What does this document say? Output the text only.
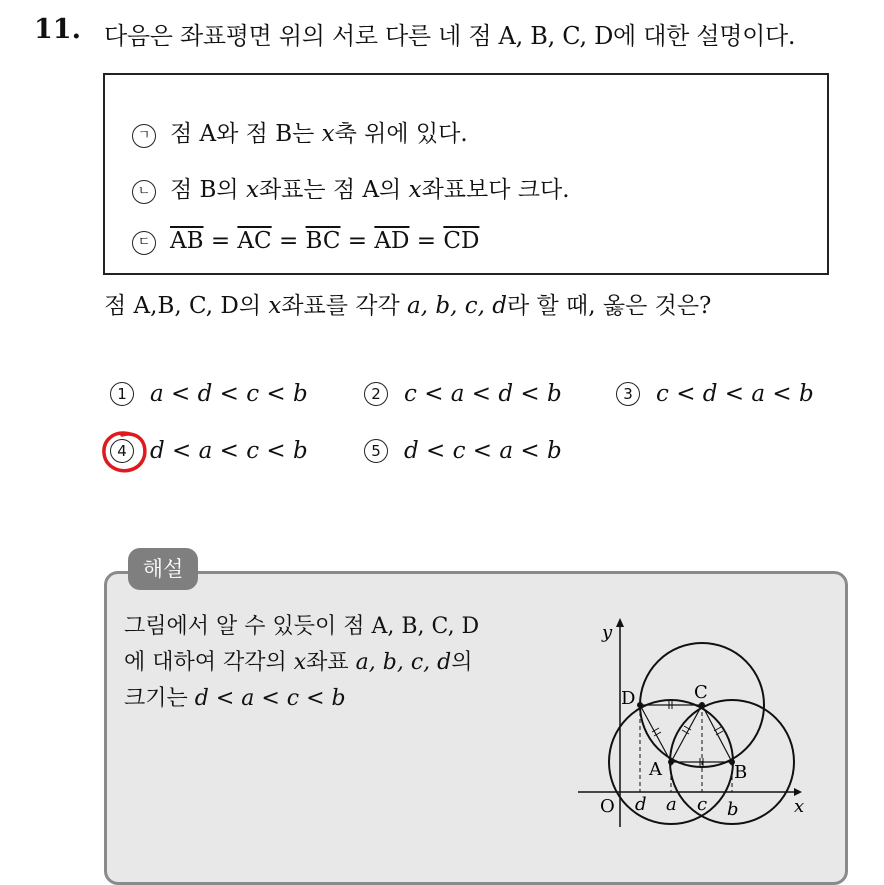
11. 다음은 좌표평면 위의 서로 다른 네 점 A, B, C, D에 대한 설명이다.
ㄱ 점 A와 점 B는 x축 위에 있다.
ㄴ 점 B의 x좌표는 점 A의 x좌표보다 크다.
ㄷ $\overline{AB} = \overline{AC} = \overline{BC} = \overline{AD} = \overline{CD}$
점 A,B, C, D의 x좌표를 각각 a, b, c, d라 할 때, 옳은 것은?
1 a < d < c < b	2 c < a < d < b	3 c < d < a < b
4 d < a < c < b	5 d < c < a < b
해설
그림에서 알 수 있듯이 점 A, B, C, D
에 대하여 각각의 x좌표 a, b, c, d의
크기는 d < a < c < b
y
x
O
A	B
C
D
d a c b
